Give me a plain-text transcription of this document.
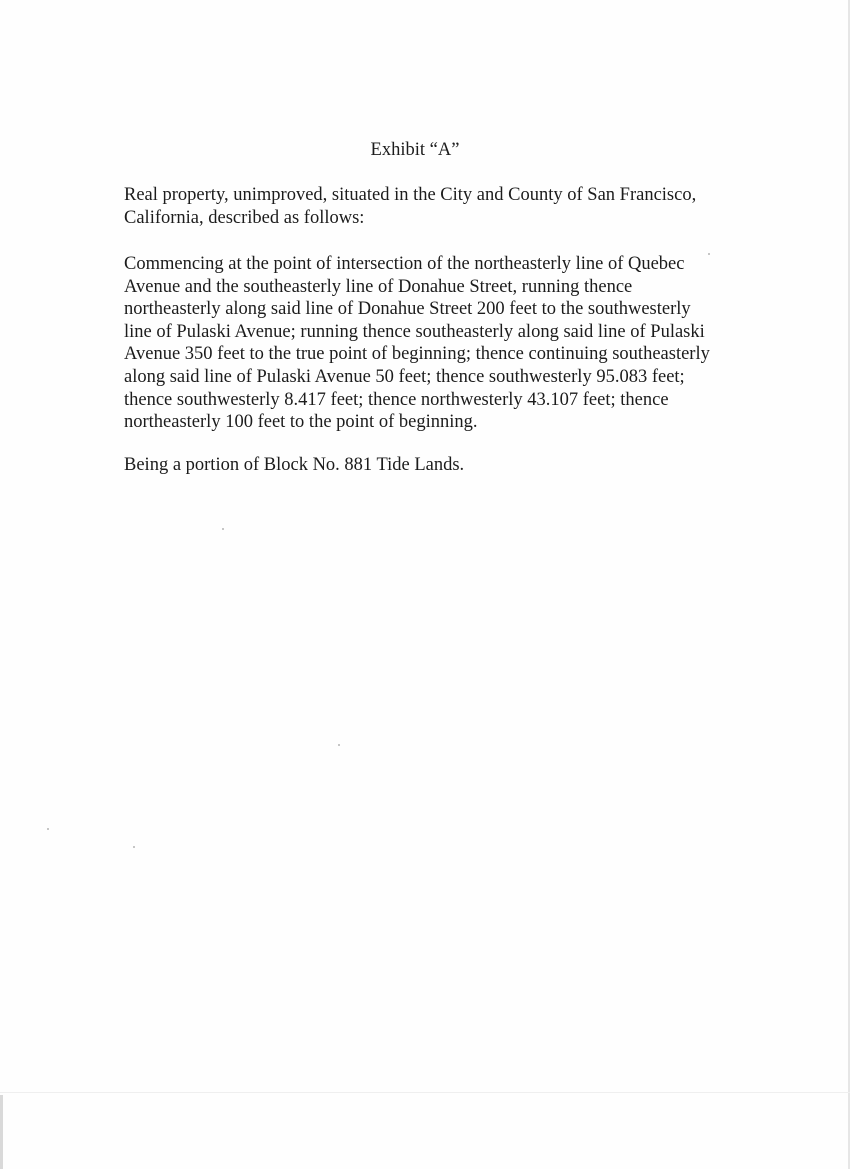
Exhibit “A”
Real property, unimproved, situated in the City and County of San Francisco,
California, described as follows:
Commencing at the point of intersection of the northeasterly line of Quebec
Avenue and the southeasterly line of Donahue Street, running thence
northeasterly along said line of Donahue Street 200 feet to the southwesterly
line of Pulaski Avenue; running thence southeasterly along said line of Pulaski
Avenue 350 feet to the true point of beginning; thence continuing southeasterly
along said line of Pulaski Avenue 50 feet; thence southwesterly 95.083 feet;
thence southwesterly 8.417 feet; thence northwesterly 43.107 feet; thence
northeasterly 100 feet to the point of beginning.
Being a portion of Block No. 881 Tide Lands.
